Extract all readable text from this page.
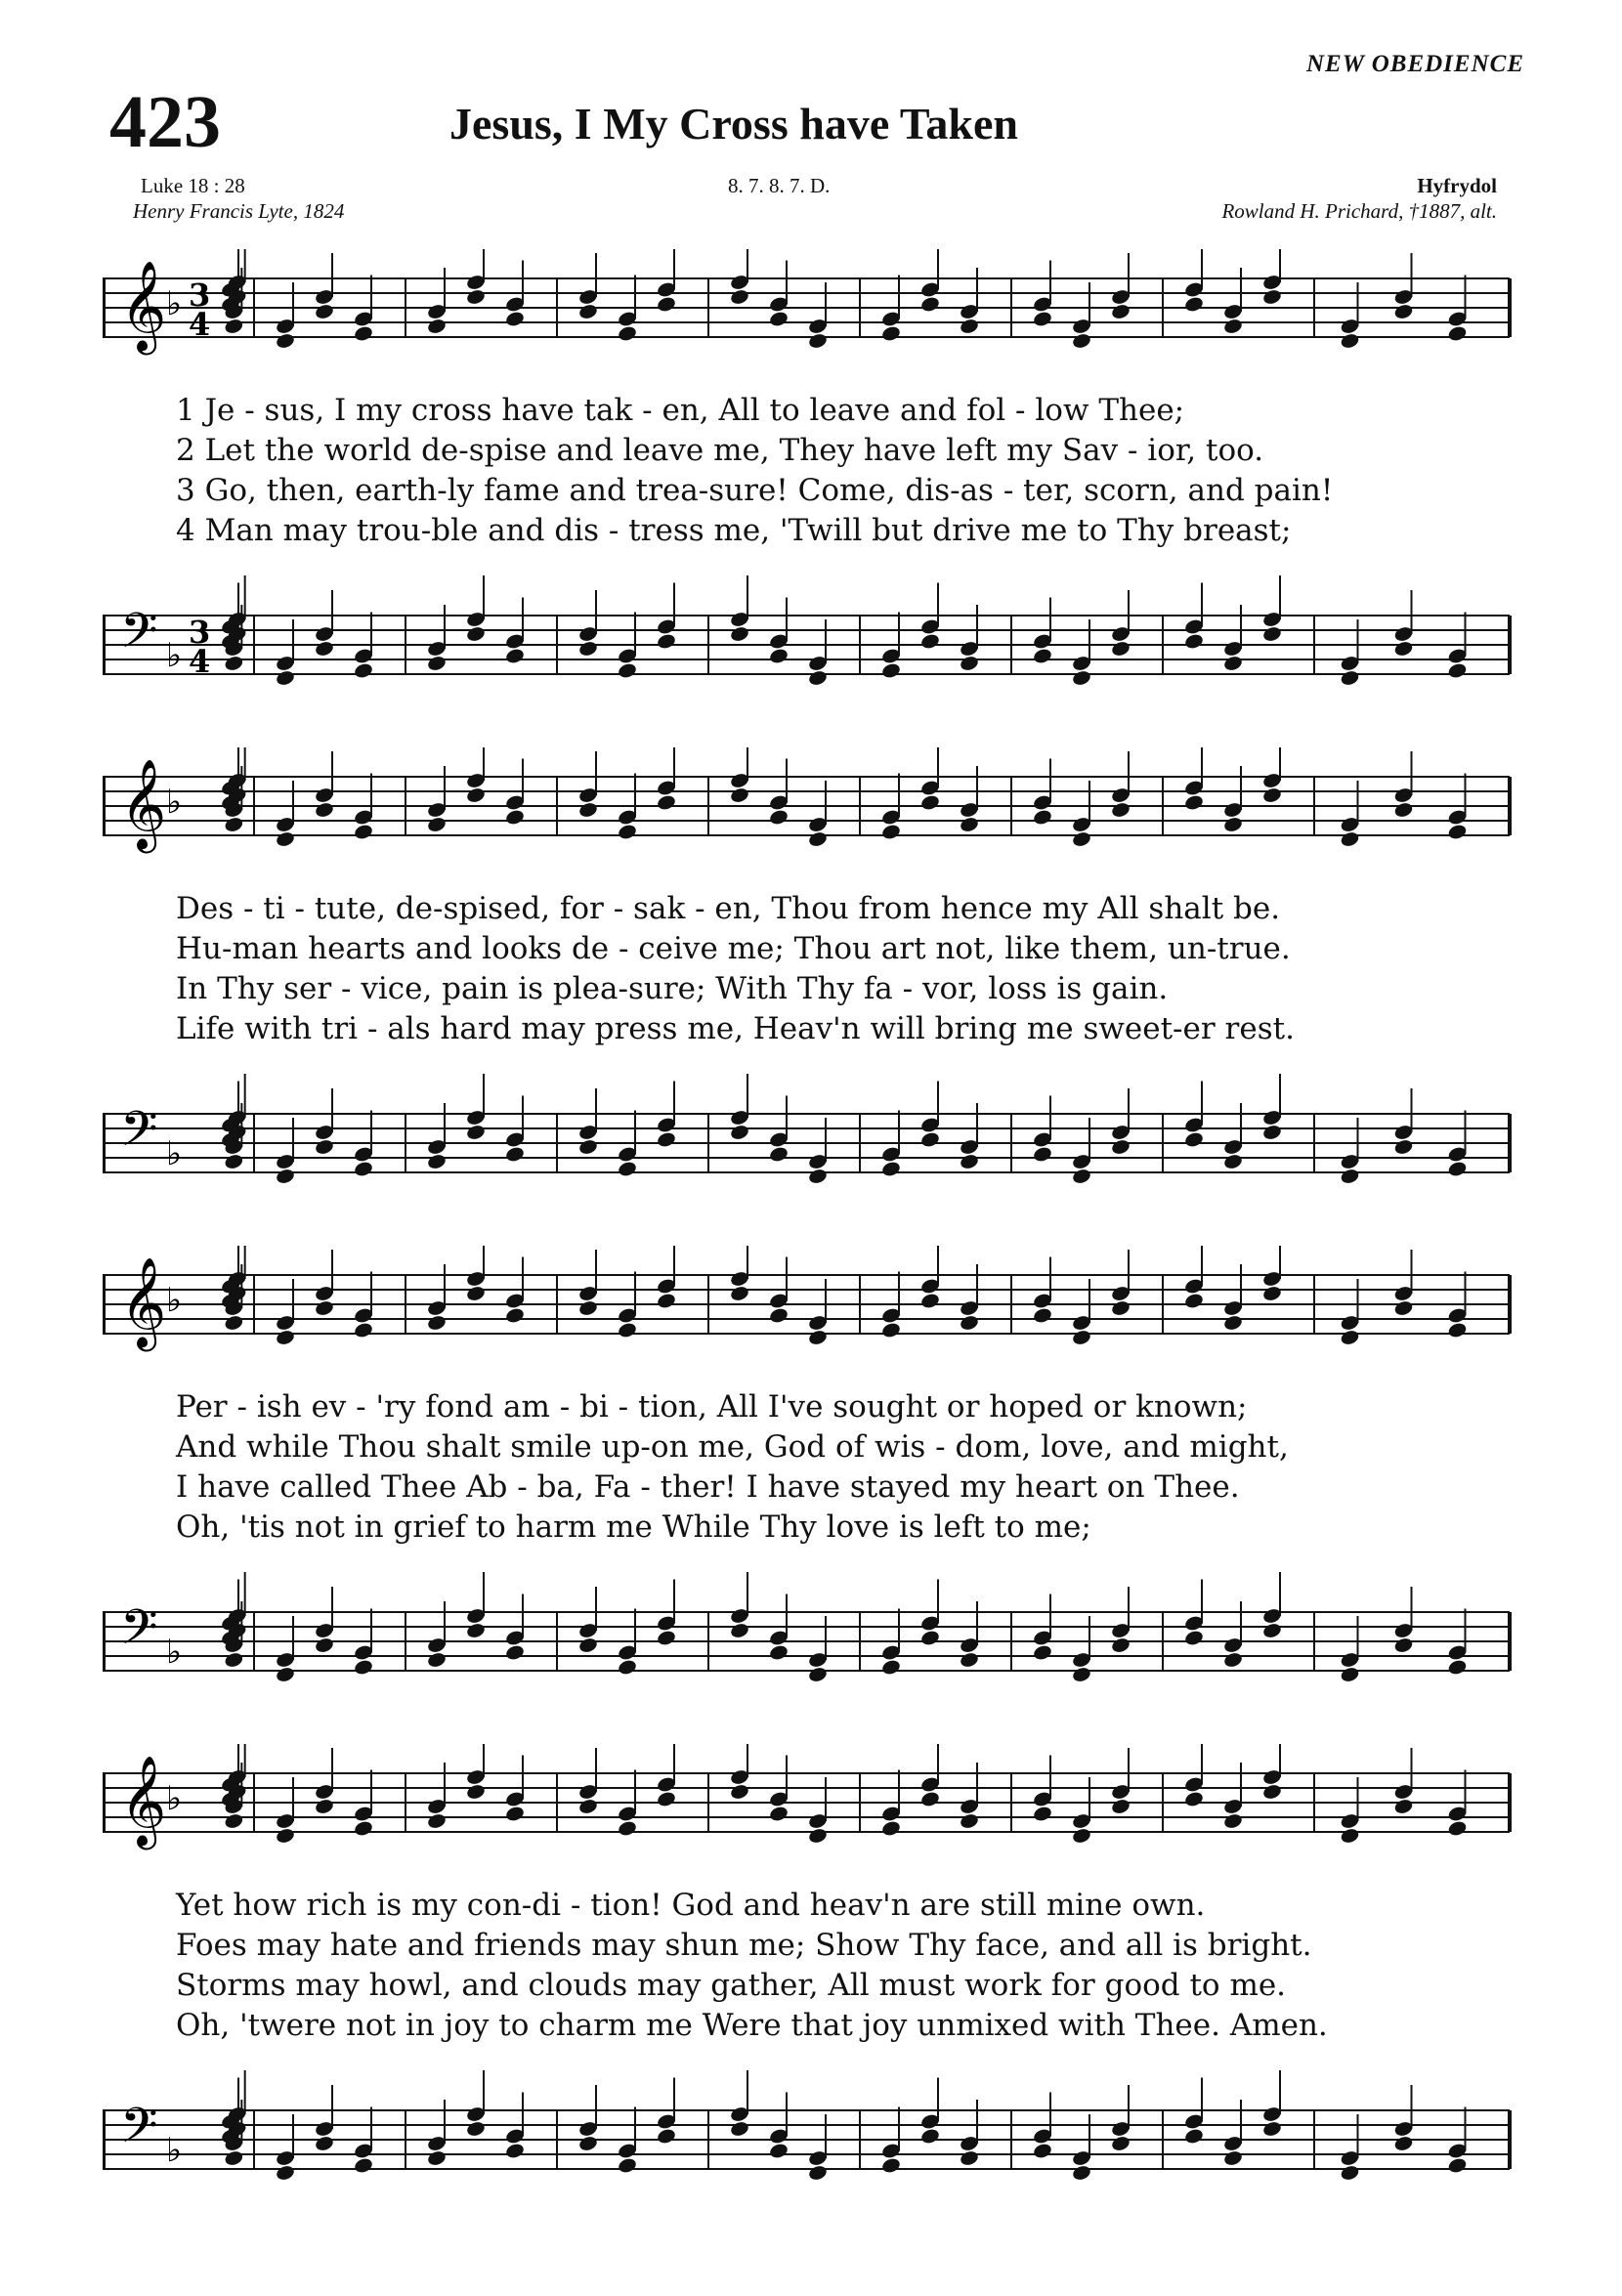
NEW OBEDIENCE
423	Jesus, I My Cross have Taken
Luke 18 : 28	8. 7. 8. 7. D.	Hyfrydol
Henry Francis Lyte, 1824	Rowland H. Prichard, †1887, alt.
𝄞 ♭ 3
4
1 Je - sus, I my cross have tak - en, All to leave and fol - low Thee;
2 Let the world de-spise and leave me, They have left my Sav - ior, too.
3 Go, then, earth-ly fame and trea-sure! Come, dis-as - ter, scorn, and pain!
4 Man may trou-ble and dis - tress me, 'Twill but drive me to Thy breast;
𝄢 ♭
3
4
𝄞 ♭
Des - ti - tute, de-spised, for - sak - en, Thou from hence my All shalt be.
Hu-man hearts and looks de - ceive me; Thou art not, like them, un-true.
In Thy ser - vice, pain is plea-sure; With Thy fa - vor, loss is gain.
Life with tri - als hard may press me, Heav'n will bring me sweet-er rest.
𝄢 ♭
𝄞 ♭
Per - ish ev - 'ry fond am - bi - tion, All I've sought or hoped or known;
And while Thou shalt smile up-on me, God of wis - dom, love, and might,
I have called Thee Ab - ba, Fa - ther! I have stayed my heart on Thee.
Oh, 'tis not in grief to harm me While Thy love is left to me;
𝄢 ♭
𝄞 ♭
Yet how rich is my con-di - tion! God and heav'n are still mine own.
Foes may hate and friends may shun me; Show Thy face, and all is bright.
Storms may howl, and clouds may gather, All must work for good to me.
Oh, 'twere not in joy to charm me Were that joy unmixed with Thee. Amen.
𝄢 ♭
